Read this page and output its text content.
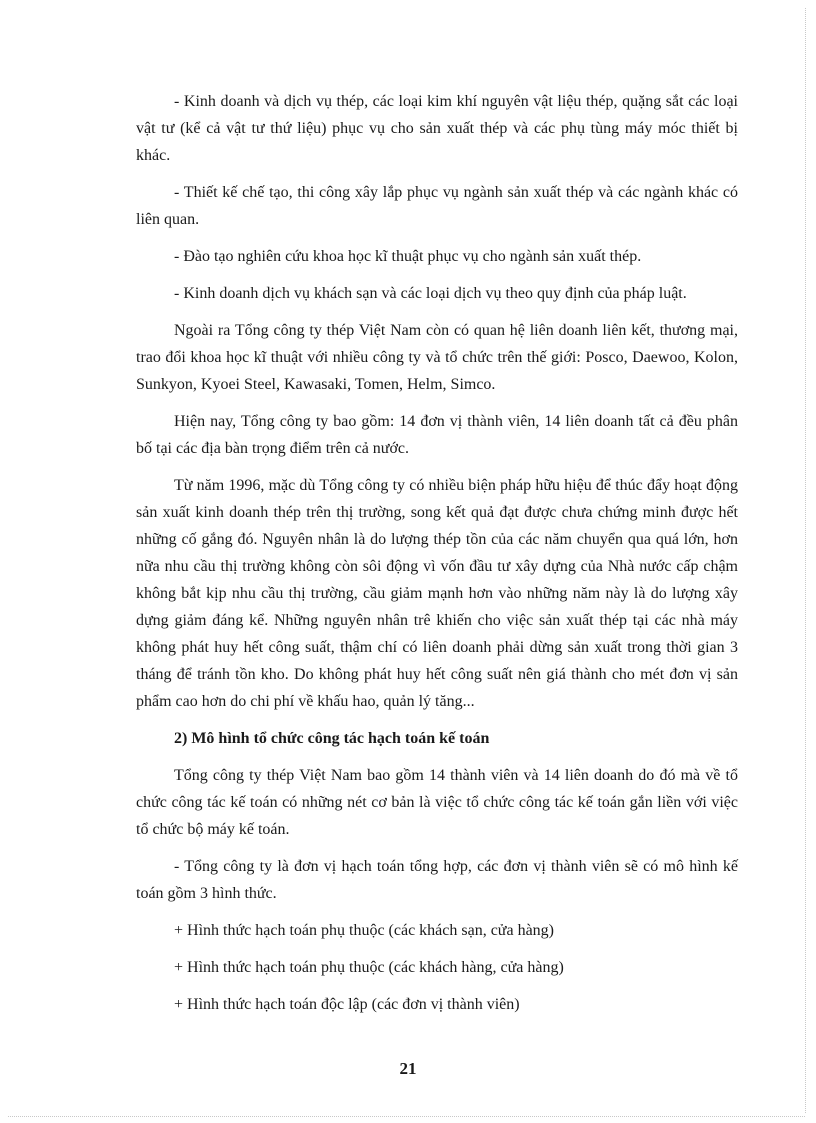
- Kinh doanh và dịch vụ thép, các loại kim khí nguyên vật liệu thép, quặng sắt các loại vật tư (kể cả vật tư thứ liệu) phục vụ cho sản xuất thép và các phụ tùng máy móc thiết bị khác.

- Thiết kế chế tạo, thi công xây lắp phục vụ ngành sản xuất thép và các ngành khác có liên quan.

- Đào tạo nghiên cứu khoa học kĩ thuật phục vụ cho ngành sản xuất thép.

- Kinh doanh dịch vụ khách sạn và các loại dịch vụ theo quy định của pháp luật.

Ngoài ra Tổng công ty thép Việt Nam còn có quan hệ liên doanh liên kết, thương mại, trao đổi khoa học kĩ thuật với nhiều công ty và tổ chức trên thế giới: Posco, Daewoo, Kolon, Sunkyon, Kyoei Steel, Kawasaki, Tomen, Helm, Simco.

Hiện nay, Tổng công ty bao gồm: 14 đơn vị thành viên, 14 liên doanh tất cả đều phân bố tại các địa bàn trọng điểm trên cả nước.

Từ năm 1996, mặc dù Tổng công ty có nhiều biện pháp hữu hiệu để thúc đẩy hoạt động sản xuất kinh doanh thép trên thị trường, song kết quả đạt được chưa chứng minh được hết những cố gắng đó. Nguyên nhân là do lượng thép tồn của các năm chuyển qua quá lớn, hơn nữa nhu cầu thị trường không còn sôi động vì vốn đầu tư xây dựng của Nhà nước cấp chậm không bắt kịp nhu cầu thị trường, cầu giảm mạnh hơn vào những năm này là do lượng xây dựng giảm đáng kể. Những nguyên nhân trê khiến cho việc sản xuất thép tại các nhà máy không phát huy hết công suất, thậm chí có liên doanh phải dừng sản xuất trong thời gian 3 tháng để tránh tồn kho. Do không phát huy hết công suất nên giá thành cho mét đơn vị sản phẩm cao hơn do chi phí về khấu hao, quản lý tăng...

2) Mô hình tổ chức công tác hạch toán kế toán

Tổng công ty thép Việt Nam bao gồm 14 thành viên và 14 liên doanh do đó mà về tổ chức công tác kế toán có những nét cơ bản là việc tổ chức công tác kế toán gắn liền với việc tổ chức bộ máy kế toán.

- Tổng công ty là đơn vị hạch toán tổng hợp, các đơn vị thành viên sẽ có mô hình kế toán gồm 3 hình thức.

+ Hình thức hạch toán phụ thuộc (các khách sạn, cửa hàng)

+ Hình thức hạch toán phụ thuộc (các khách hàng, cửa hàng)

+ Hình thức hạch toán độc lập (các đơn vị thành viên)

21
